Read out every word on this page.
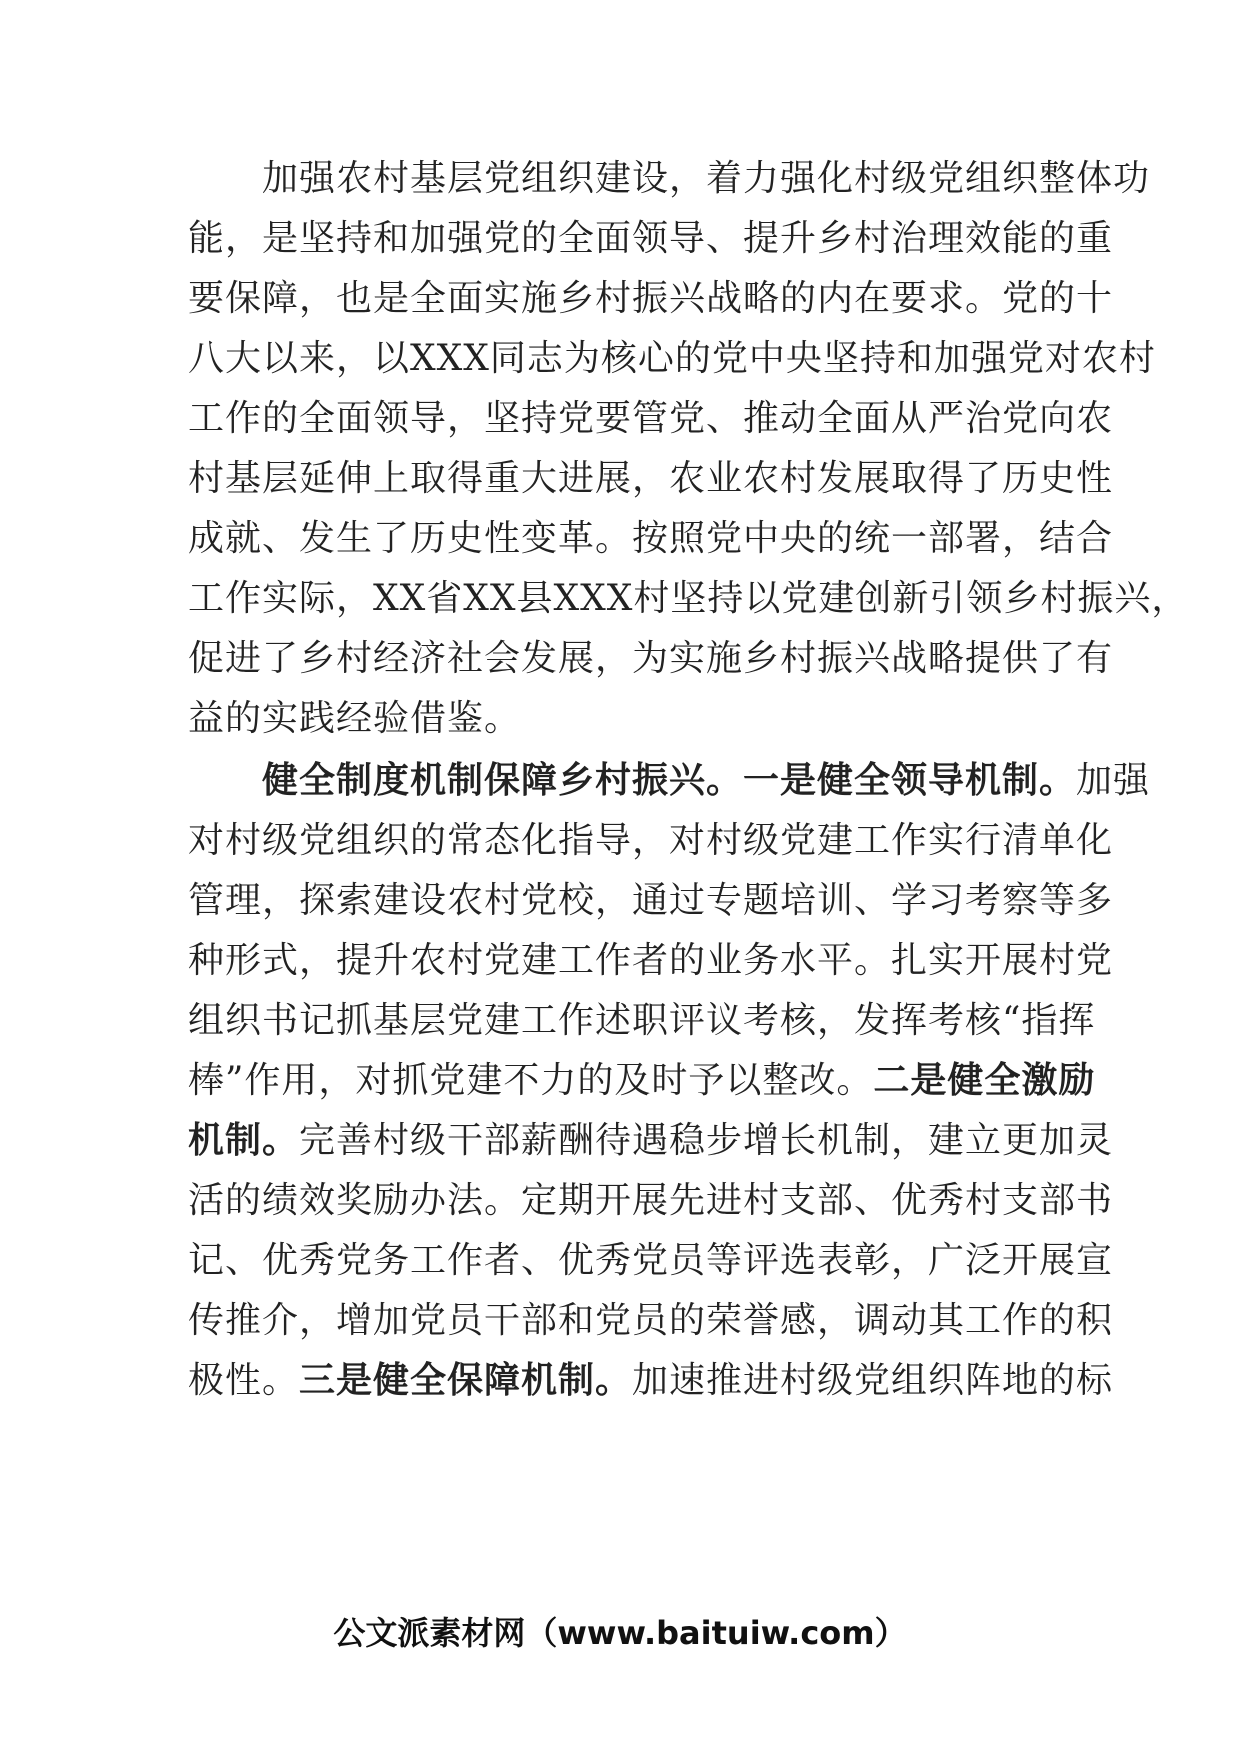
　　加强农村基层党组织建设，着力强化村级党组织整体功
能，是坚持和加强党的全面领导、提升乡村治理效能的重
要保障，也是全面实施乡村振兴战略的内在要求。党的十
八大以来，以XXX同志为核心的党中央坚持和加强党对农村
工作的全面领导，坚持党要管党、推动全面从严治党向农
村基层延伸上取得重大进展，农业农村发展取得了历史性
成就、发生了历史性变革。按照党中央的统一部署，结合
工作实际，XX省XX县XXX村坚持以党建创新引领乡村振兴，
促进了乡村经济社会发展，为实施乡村振兴战略提供了有
益的实践经验借鉴。
　　健全制度机制保障乡村振兴。一是健全领导机制。加强
对村级党组织的常态化指导，对村级党建工作实行清单化
管理，探索建设农村党校，通过专题培训、学习考察等多
种形式，提升农村党建工作者的业务水平。扎实开展村党
组织书记抓基层党建工作述职评议考核，发挥考核“指挥
棒”作用，对抓党建不力的及时予以整改。二是健全激励
机制。完善村级干部薪酬待遇稳步增长机制，建立更加灵
活的绩效奖励办法。定期开展先进村支部、优秀村支部书
记、优秀党务工作者、优秀党员等评选表彰，广泛开展宣
传推介，增加党员干部和党员的荣誉感，调动其工作的积
极性。三是健全保障机制。加速推进村级党组织阵地的标
公文派素材网（www.baituiw.com）
